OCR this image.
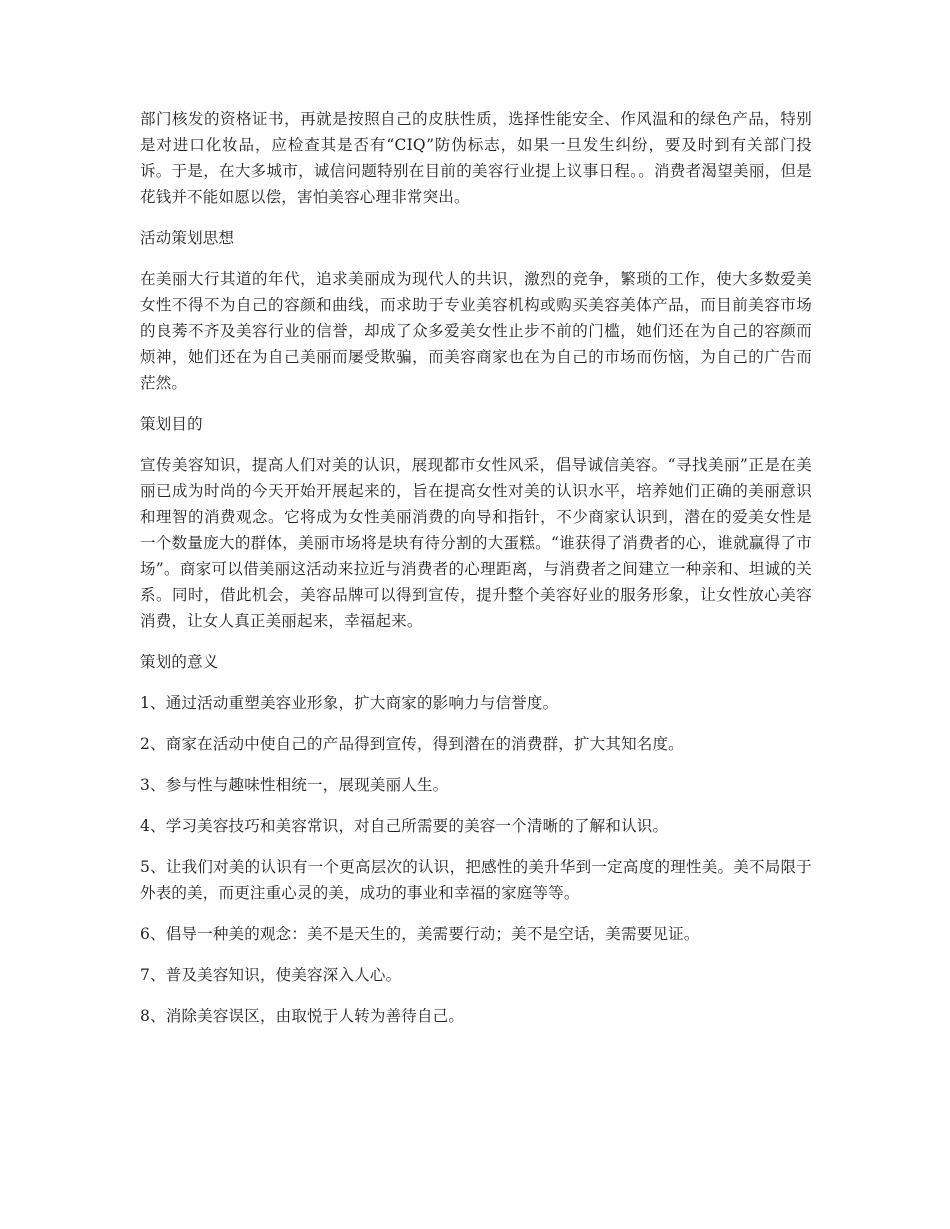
部门核发的资格证书，再就是按照自己的皮肤性质，选择性能安全、作风温和的绿色产品，特别是对进口化妆品，应检查其是否有“CIQ”防伪标志，如果一旦发生纠纷，要及时到有关部门投诉。于是，在大多城市，诚信问题特别在目前的美容行业提上议事日程。。消费者渴望美丽，但是花钱并不能如愿以偿，害怕美容心理非常突出。

活动策划思想

在美丽大行其道的年代，追求美丽成为现代人的共识，激烈的竞争，繁琐的工作，使大多数爱美女性不得不为自己的容颜和曲线，而求助于专业美容机构或购买美容美体产品，而目前美容市场的良莠不齐及美容行业的信誉，却成了众多爱美女性止步不前的门槛，她们还在为自己的容颜而烦神，她们还在为自己美丽而屡受欺骗，而美容商家也在为自己的市场而伤恼，为自己的广告而茫然。

策划目的

宣传美容知识，提高人们对美的认识，展现都市女性风采，倡导诚信美容。“寻找美丽”正是在美丽已成为时尚的今天开始开展起来的，旨在提高女性对美的认识水平，培养她们正确的美丽意识和理智的消费观念。它将成为女性美丽消费的向导和指针，不少商家认识到，潜在的爱美女性是一个数量庞大的群体，美丽市场将是块有待分割的大蛋糕。“谁获得了消费者的心，谁就赢得了市场”。商家可以借美丽这活动来拉近与消费者的心理距离，与消费者之间建立一种亲和、坦诚的关系。同时，借此机会，美容品牌可以得到宣传，提升整个美容好业的服务形象，让女性放心美容消费，让女人真正美丽起来，幸福起来。

策划的意义

1、通过活动重塑美容业形象，扩大商家的影响力与信誉度。

2、商家在活动中使自己的产品得到宣传，得到潜在的消费群，扩大其知名度。

3、参与性与趣味性相统一，展现美丽人生。

4、学习美容技巧和美容常识，对自己所需要的美容一个清晰的了解和认识。

5、让我们对美的认识有一个更高层次的认识，把感性的美升华到一定高度的理性美。美不局限于外表的美，而更注重心灵的美，成功的事业和幸福的家庭等等。

6、倡导一种美的观念：美不是天生的，美需要行动；美不是空话，美需要见证。

7、普及美容知识，使美容深入人心。

8、消除美容误区，由取悦于人转为善待自己。
